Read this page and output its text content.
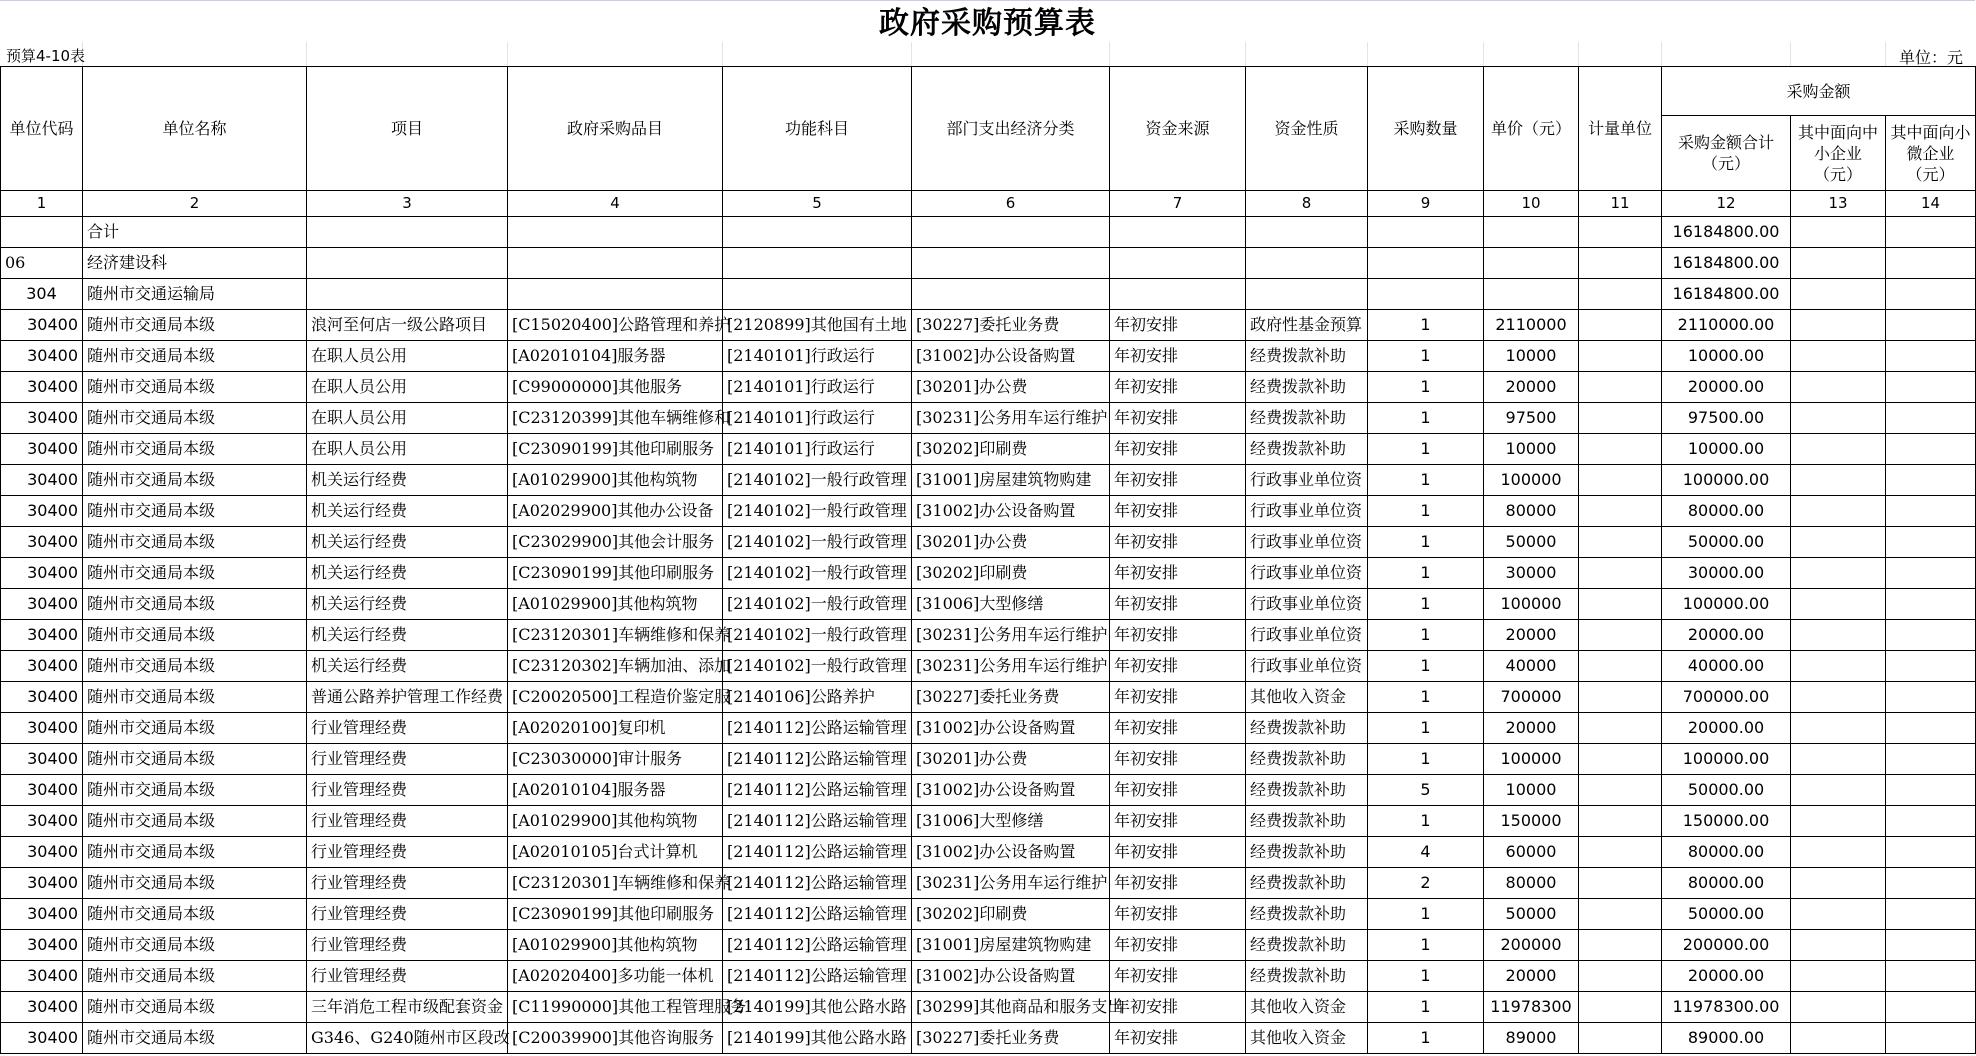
政府采购预算表
预算4-10表	单位：元
单位代码	单位名称	项目	政府采购品目	功能科目	部门支出经济分类	资金来源	资金性质	采购数量	单价（元）	计量单位	采购金额		
											采购金额合计（元）	其中面向中小企业（元）	其中面向小微企业（元）
1	2	3	4	5	6	7	8	9	10	11	12	13	14
	合计										16184800.00		
06	经济建设科										16184800.00		
304	随州市交通运输局										16184800.00		
30400	随州市交通局本级	浪河至何店一级公路项目	[C15020400]公路管理和养护	[2120899]其他国有土地	[30227]委托业务费	年初安排	政府性基金预算	1	2110000		2110000.00		
30400	随州市交通局本级	在职人员公用	[A02010104]服务器	[2140101]行政运行	[31002]办公设备购置	年初安排	经费拨款补助	1	10000		10000.00		
30400	随州市交通局本级	在职人员公用	[C99000000]其他服务	[2140101]行政运行	[30201]办公费	年初安排	经费拨款补助	1	20000		20000.00		
30400	随州市交通局本级	在职人员公用	[C23120399]其他车辆维修和	[2140101]行政运行	[30231]公务用车运行维护	年初安排	经费拨款补助	1	97500		97500.00		
30400	随州市交通局本级	在职人员公用	[C23090199]其他印刷服务	[2140101]行政运行	[30202]印刷费	年初安排	经费拨款补助	1	10000		10000.00		
30400	随州市交通局本级	机关运行经费	[A01029900]其他构筑物	[2140102]一般行政管理	[31001]房屋建筑物购建	年初安排	行政事业单位资	1	100000		100000.00		
30400	随州市交通局本级	机关运行经费	[A02029900]其他办公设备	[2140102]一般行政管理	[31002]办公设备购置	年初安排	行政事业单位资	1	80000		80000.00		
30400	随州市交通局本级	机关运行经费	[C23029900]其他会计服务	[2140102]一般行政管理	[30201]办公费	年初安排	行政事业单位资	1	50000		50000.00		
30400	随州市交通局本级	机关运行经费	[C23090199]其他印刷服务	[2140102]一般行政管理	[30202]印刷费	年初安排	行政事业单位资	1	30000		30000.00		
30400	随州市交通局本级	机关运行经费	[A01029900]其他构筑物	[2140102]一般行政管理	[31006]大型修缮	年初安排	行政事业单位资	1	100000		100000.00		
30400	随州市交通局本级	机关运行经费	[C23120301]车辆维修和保养	[2140102]一般行政管理	[30231]公务用车运行维护	年初安排	行政事业单位资	1	20000		20000.00		
30400	随州市交通局本级	机关运行经费	[C23120302]车辆加油、添加	[2140102]一般行政管理	[30231]公务用车运行维护	年初安排	行政事业单位资	1	40000		40000.00		
30400	随州市交通局本级	普通公路养护管理工作经费	[C20020500]工程造价鉴定服	[2140106]公路养护	[30227]委托业务费	年初安排	其他收入资金	1	700000		700000.00		
30400	随州市交通局本级	行业管理经费	[A02020100]复印机	[2140112]公路运输管理	[31002]办公设备购置	年初安排	经费拨款补助	1	20000		20000.00		
30400	随州市交通局本级	行业管理经费	[C23030000]审计服务	[2140112]公路运输管理	[30201]办公费	年初安排	经费拨款补助	1	100000		100000.00		
30400	随州市交通局本级	行业管理经费	[A02010104]服务器	[2140112]公路运输管理	[31002]办公设备购置	年初安排	经费拨款补助	5	10000		50000.00		
30400	随州市交通局本级	行业管理经费	[A01029900]其他构筑物	[2140112]公路运输管理	[31006]大型修缮	年初安排	经费拨款补助	1	150000		150000.00		
30400	随州市交通局本级	行业管理经费	[A02010105]台式计算机	[2140112]公路运输管理	[31002]办公设备购置	年初安排	经费拨款补助	4	60000		80000.00		
30400	随州市交通局本级	行业管理经费	[C23120301]车辆维修和保养	[2140112]公路运输管理	[30231]公务用车运行维护	年初安排	经费拨款补助	2	80000		80000.00		
30400	随州市交通局本级	行业管理经费	[C23090199]其他印刷服务	[2140112]公路运输管理	[30202]印刷费	年初安排	经费拨款补助	1	50000		50000.00		
30400	随州市交通局本级	行业管理经费	[A01029900]其他构筑物	[2140112]公路运输管理	[31001]房屋建筑物购建	年初安排	经费拨款补助	1	200000		200000.00		
30400	随州市交通局本级	行业管理经费	[A02020400]多功能一体机	[2140112]公路运输管理	[31002]办公设备购置	年初安排	经费拨款补助	1	20000		20000.00		
30400	随州市交通局本级	三年消危工程市级配套资金	[C11990000]其他工程管理服务	[2140199]其他公路水路	[30299]其他商品和服务支出	年初安排	其他收入资金	1	11978300		11978300.00		
30400	随州市交通局本级	G346、G240随州市区段改	[C20039900]其他咨询服务	[2140199]其他公路水路	[30227]委托业务费	年初安排	其他收入资金	1	89000		89000.00		
